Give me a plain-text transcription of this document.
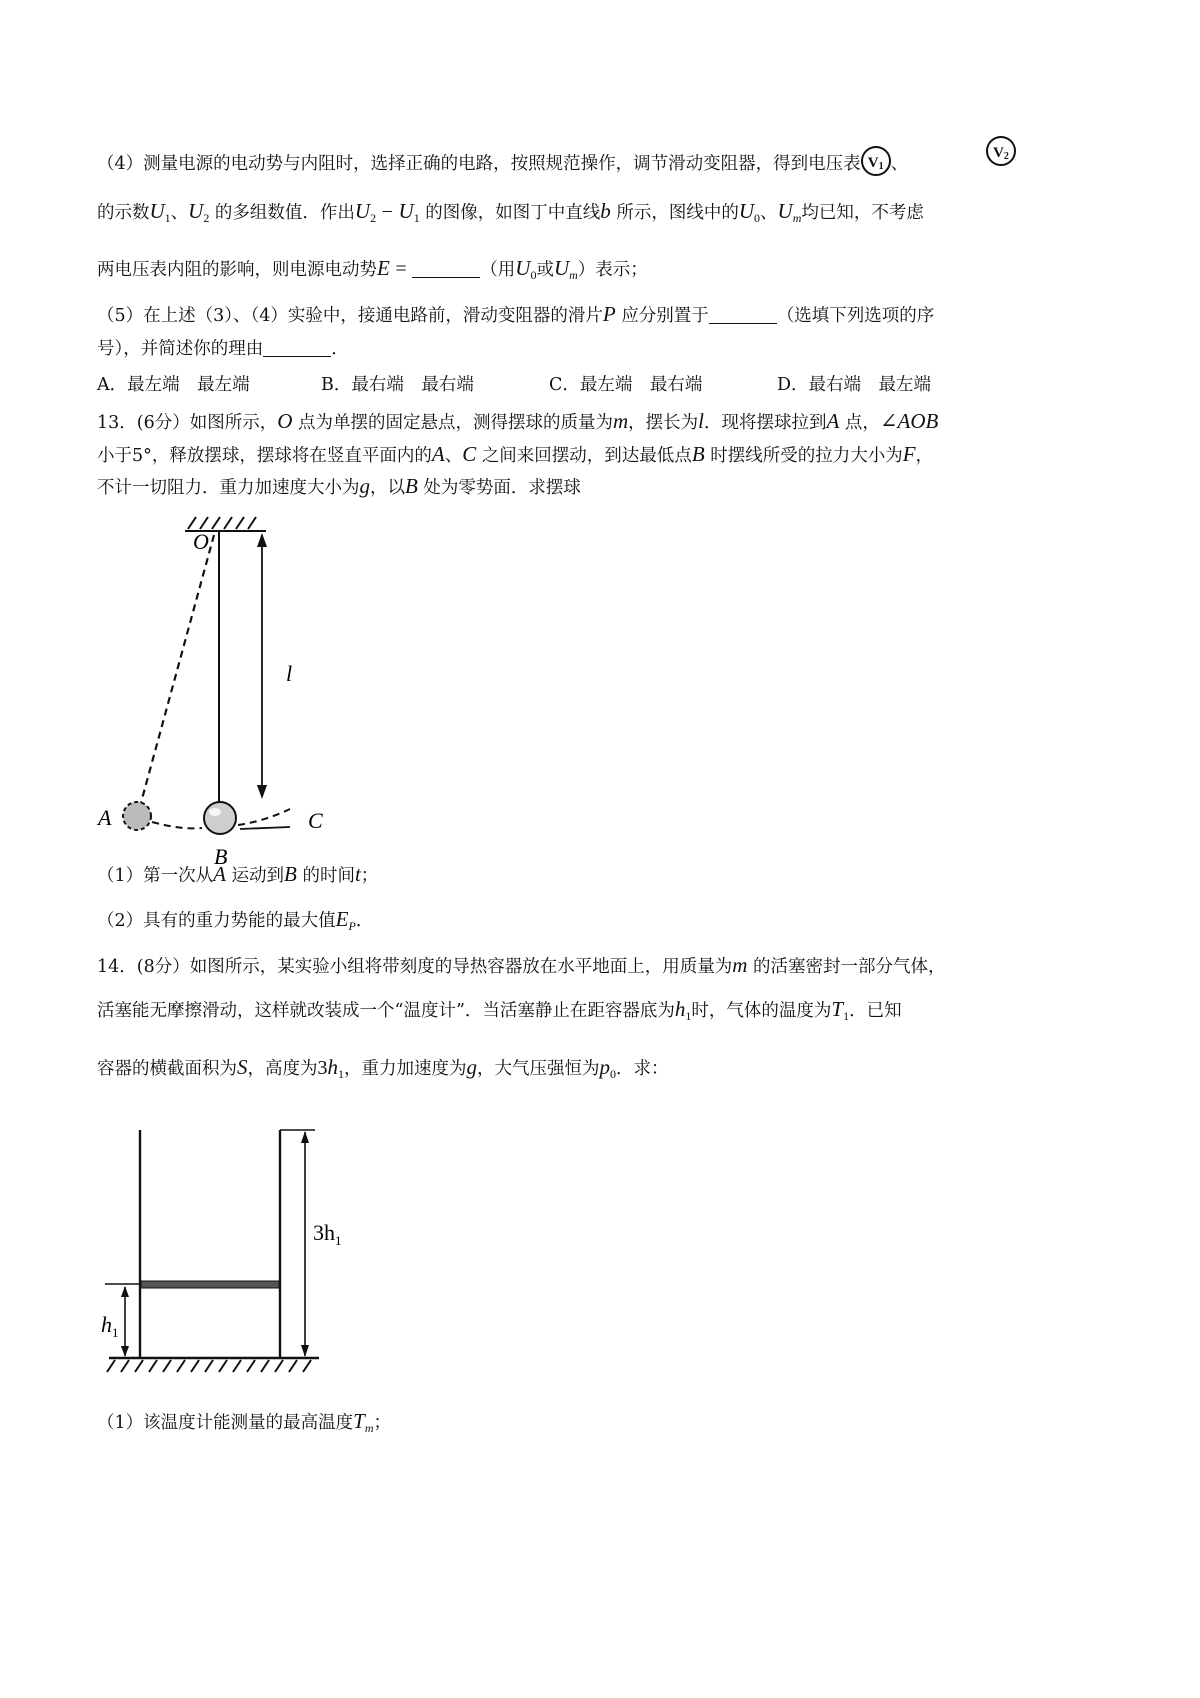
（4）测量电源的电动势与内阻时，选择正确的电路，按照规范操作，调节滑动变阻器，得到电压表 $V_1$ 、
$V_2$
的示数$U_1$、$U_2$ 的多组数值．作出$U_2 - U_1$ 的图像，如图丁中直线b 所示，图线中的$U_0$、$U_m$均已知，不考虑
两电压表内阻的影响，则电源电动势E =	（用$U_0$或$U_m$）表示；
（5）在上述（3）、（4）实验中，接通电路前，滑动变阻器的滑片P 应分别置于	（选填下列选项的序
号），并简述你的理由	．
A．最左端　最左端	B．最右端　最右端	C．最左端　最右端	D．最右端　最左端
13．(6分）如图所示，O 点为单摆的固定悬点，测得摆球的质量为m，摆长为l．现将摆球拉到A 点，∠AOB
小于5°，释放摆球，摆球将在竖直平面内的A、C 之间来回摆动，到达最低点B 时摆线所受的拉力大小为F，
不计一切阻力．重力加速度大小为g，以B 处为零势面．求摆球
O
l
A
B
C
（1）第一次从A 运动到B 的时间t；
（2）具有的重力势能的最大值$E_P$．
14．(8分）如图所示，某实验小组将带刻度的导热容器放在水平地面上，用质量为m 的活塞密封一部分气体，
活塞能无摩擦滑动，这样就改装成一个“温度计”．当活塞静止在距容器底为$h_1$时，气体的温度为$T_1$．已知
容器的横截面积为S，高度为$3h_1$，重力加速度为g，大气压强恒为$p_0$．求：
$h_1$
$3h_1$
（1）该温度计能测量的最高温度$T_m$；
